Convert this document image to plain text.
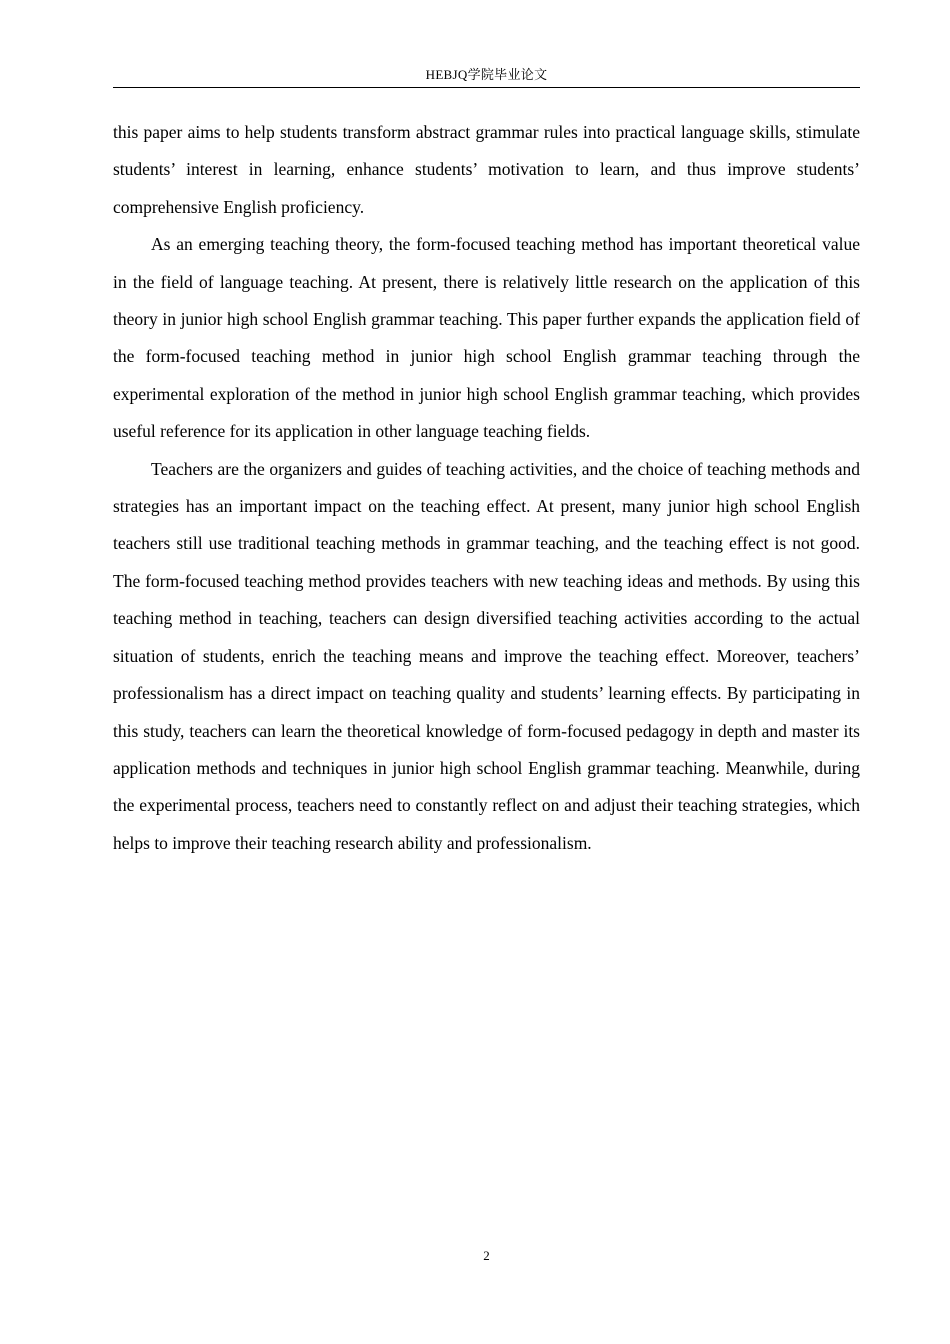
HEBJQ学院毕业论文

this paper aims to help students transform abstract grammar rules into practical language skills, stimulate students’ interest in learning, enhance students’ motivation to learn, and thus improve students’ comprehensive English proficiency.

As an emerging teaching theory, the form-focused teaching method has important theoretical value in the field of language teaching. At present, there is relatively little research on the application of this theory in junior high school English grammar teaching. This paper further expands the application field of the form-focused teaching method in junior high school English grammar teaching through the experimental exploration of the method in junior high school English grammar teaching, which provides useful reference for its application in other language teaching fields.

Teachers are the organizers and guides of teaching activities, and the choice of teaching methods and strategies has an important impact on the teaching effect. At present, many junior high school English teachers still use traditional teaching methods in grammar teaching, and the teaching effect is not good. The form-focused teaching method provides teachers with new teaching ideas and methods. By using this teaching method in teaching, teachers can design diversified teaching activities according to the actual situation of students, enrich the teaching means and improve the teaching effect. Moreover, teachers’ professionalism has a direct impact on teaching quality and students’ learning effects. By participating in this study, teachers can learn the theoretical knowledge of form-focused pedagogy in depth and master its application methods and techniques in junior high school English grammar teaching. Meanwhile, during the experimental process, teachers need to constantly reflect on and adjust their teaching strategies, which helps to improve their teaching research ability and professionalism.

2
